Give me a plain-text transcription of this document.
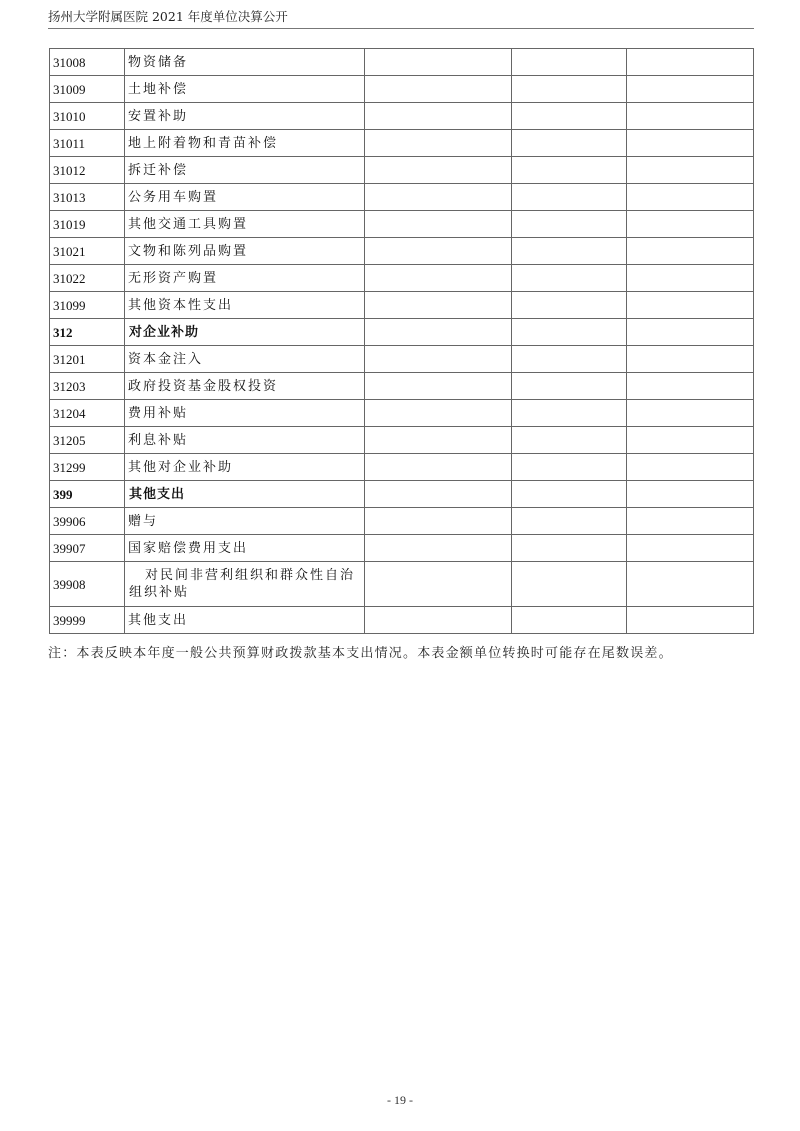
扬州大学附属医院 2021 年度单位决算公开
31008	物资储备			
31009	土地补偿			
31010	安置补助			
31011	地上附着物和青苗补偿			
31012	拆迁补偿			
31013	公务用车购置			
31019	其他交通工具购置			
31021	文物和陈列品购置			
31022	无形资产购置			
31099	其他资本性支出			
312	对企业补助			
31201	资本金注入			
31203	政府投资基金股权投资			
31204	费用补贴			
31205	利息补贴			
31299	其他对企业补助			
399	其他支出			
39906	赠与			
39907	国家赔偿费用支出			
39908	对民间非营利组织和群众性自治组织补贴			
39999	其他支出			
注：本表反映本年度一般公共预算财政拨款基本支出情况。本表金额单位转换时可能存在尾数误差。
- 19 -
